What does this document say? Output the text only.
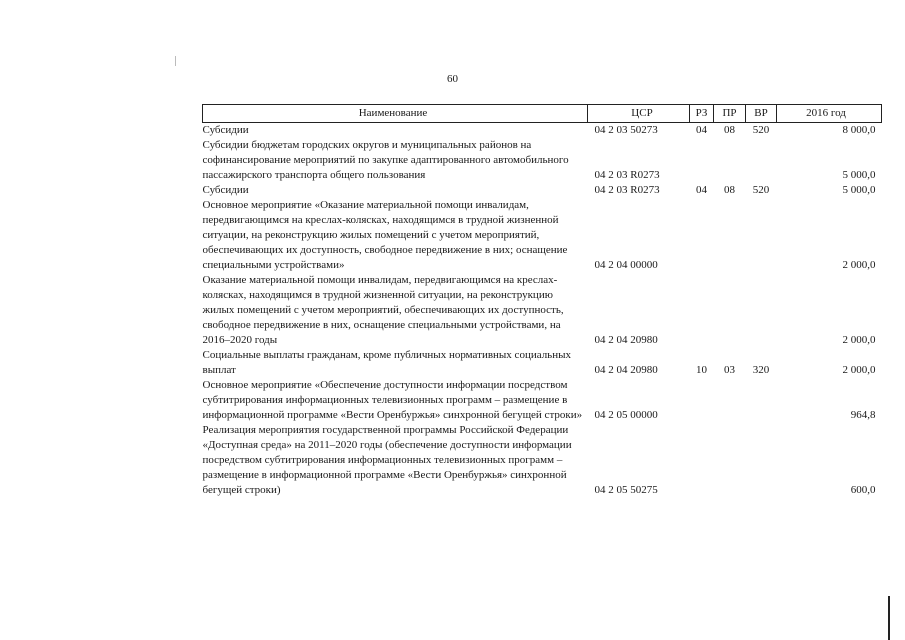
60
Наименование	ЦСР	РЗ	ПР	ВР	2016 год
Субсидии	04 2 03 50273	04	08	520	8 000,0
Субсидии бюджетам городских округов и муниципальных районов на софинансирование мероприятий по закупке адаптированного автомобильного пассажирского транспорта общего пользования	04 2 03 R0273				5 000,0
Субсидии	04 2 03 R0273	04	08	520	5 000,0
Основное мероприятие «Оказание материальной помощи инвалидам, передвигающимся на креслах-колясках, находящимся в трудной жизненной ситуации, на реконструкцию жилых помещений с учетом мероприятий, обеспечивающих их доступность, свободное передвижение в них; оснащение специальными устройствами»	04 2 04 00000				2 000,0
Оказание материальной помощи инвалидам, передвигающимся на креслах-колясках, находящимся в трудной жизненной ситуации, на реконструкцию жилых помещений с учетом мероприятий, обеспечивающих их доступность, свободное передвижение в них, оснащение специальными устройствами, на 2016–2020 годы	04 2 04 20980				2 000,0
Социальные выплаты гражданам, кроме публичных нормативных социальных выплат	04 2 04 20980	10	03	320	2 000,0
Основное мероприятие «Обеспечение доступности информации посредством субтитрирования информационных телевизионных программ – размещение в информационной программе «Вести Оренбуржья» синхронной бегущей строки»	04 2 05 00000				964,8
Реализация мероприятия государственной программы Российской Федерации «Доступная среда» на 2011–2020 годы (обеспечение доступности информации посредством субтитрирования информационных телевизионных программ – размещение в информационной программе «Вести Оренбуржья» синхронной бегущей строки)	04 2 05 50275				600,0
